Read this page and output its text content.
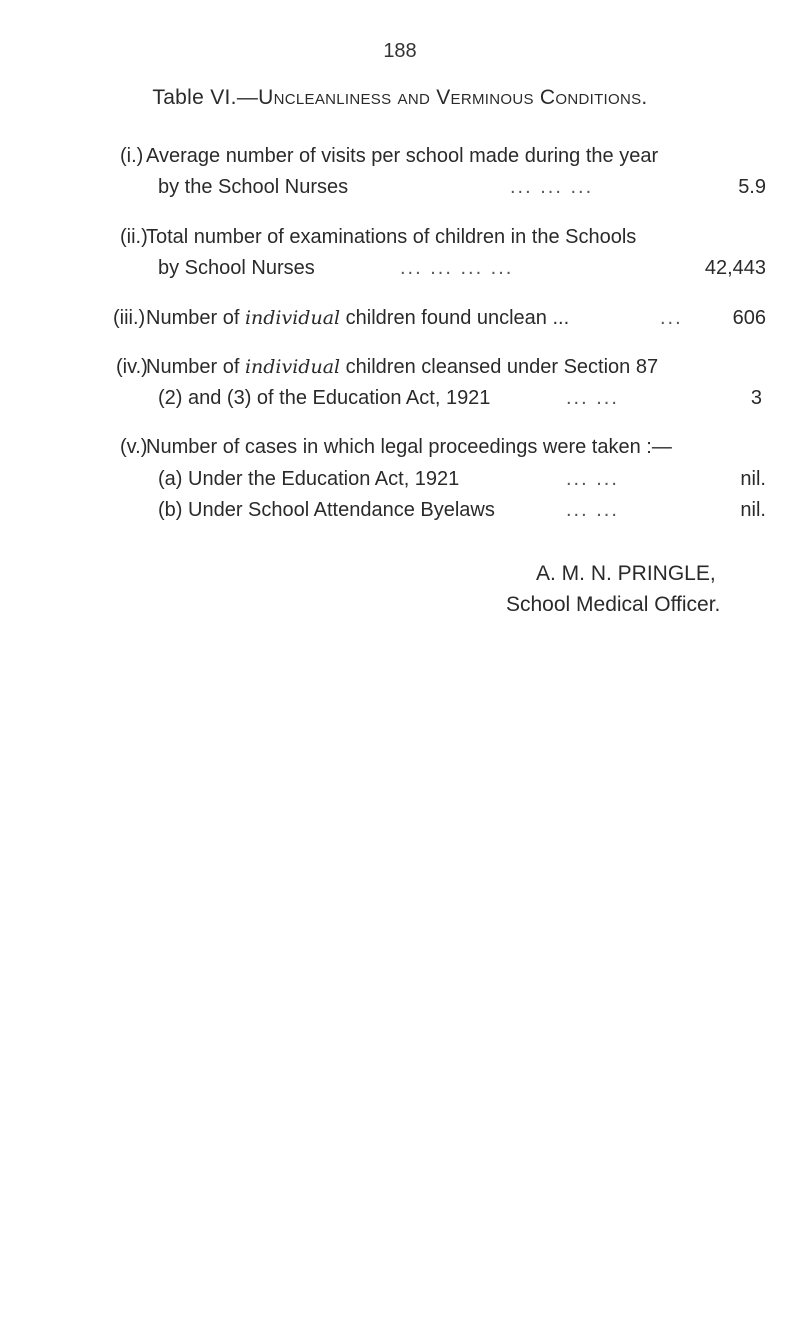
188
Table VI.—Uncleanliness and Verminous Conditions.
(i.) Average number of visits per school made during the year
by the School Nurses	... ... ...	5.9
(ii.)
Total number of examinations of children in the Schools
by School Nurses	... ... ... ...	42,443
(iii.) Number of individual children found unclean ...	... 606
(iv.)
Number of individual children cleansed under Section 87
(2) and (3) of the Education Act, 1921	... ...	3
(v.)
Number of cases in which legal proceedings were taken :—
(a) Under the Education Act, 1921	... ...	nil.
(b) Under School Attendance Byelaws	... ...	nil.
A. M. N. PRINGLE,
School Medical Officer.
